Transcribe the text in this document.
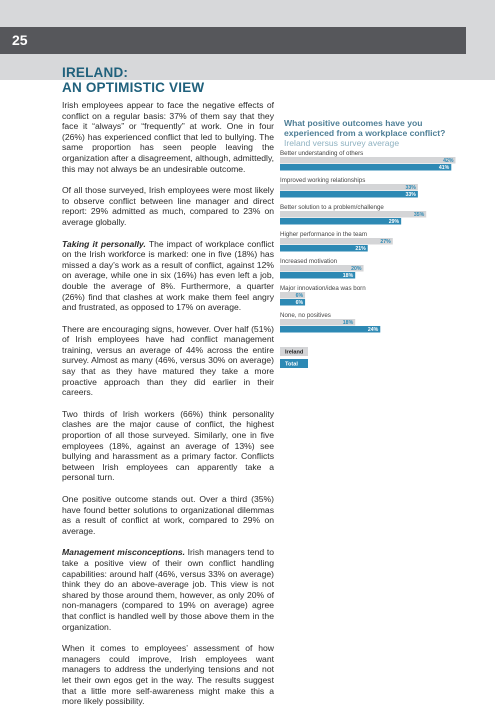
25
IRELAND:
AN OPTIMISTIC VIEW

Irish employees appear to face the negative effects of conflict on a regular basis: 37% of them say that they face it “always” or “frequently” at work. One in four (26%) has experienced conflict that led to bullying. The same proportion has seen people leaving the organization after a disagreement, although, admittedly, this may not always be an undesirable outcome.

Of all those surveyed, Irish employees were most likely to observe conflict between line manager and direct report: 29% admitted as much, compared to 23% on average globally.

Taking it personally. The impact of workplace conflict on the Irish workforce is marked: one in five (18%) has missed a day’s work as a result of conflict, against 12% on average, while one in six (16%) has even left a job, double the average of 8%. Furthermore, a quarter (26%) find that clashes at work make them feel angry and frustrated, as opposed to 17% on average.

There are encouraging signs, however. Over half (51%) of Irish employees have had conflict management training, versus an average of 44% across the entire survey. Almost as many (46%, versus 30% on average) say that as they have matured they take a more proactive approach than they did earlier in their careers.

Two thirds of Irish workers (66%) think personality clashes are the major cause of conflict, the highest proportion of all those surveyed. Similarly, one in five employees (18%, against an average of 13%) see bullying and harassment as a primary factor. Conflicts between Irish employees can apparently take a personal turn.

One positive outcome stands out. Over a third (35%) have found better solutions to organizational dilemmas as a result of conflict at work, compared to 29% on average.

Management misconceptions. Irish managers tend to take a positive view of their own conflict handling capabilities: around half (46%, versus 33% on average) think they do an above-average job. This view is not shared by those around them, however, as only 20% of non-managers (compared to 19% on average) agree that conflict is handled well by those above them in the organization.

When it comes to employees’ assessment of how managers could improve, Irish employees want managers to address the underlying tensions and not let their own egos get in the way. The results suggest that a little more self-awareness might make this a more likely possibility.

What positive outcomes have you experienced from a workplace conflict?
Ireland versus survey average
Better understanding of others
42%
41%
Improved working relationships
33%
33%
Better solution to a problem/challenge
35%
29%
Higher performance in the team
27%
21%
Increased motivation
20%
18%
Major innovation/idea was born
6%
6%
None, no positives
18%
24%
Ireland
Total
